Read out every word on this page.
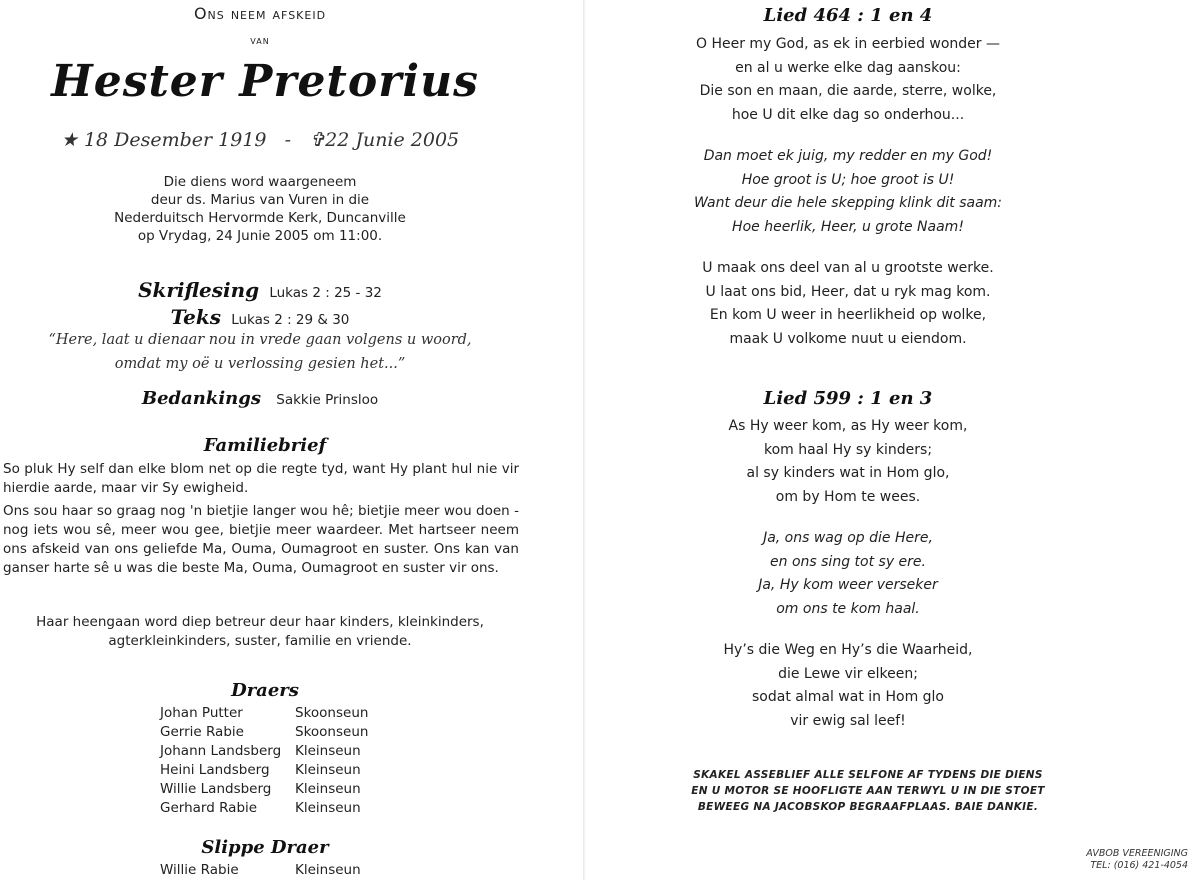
Ons neem afskeid
van
Hester Pretorius
★ 18 Desember 1919 - ✞22 Junie 2005
Die diens word waargeneem
deur ds. Marius van Vuren in die
Nederduitsch Hervormde Kerk, Duncanville
op Vrydag, 24 Junie 2005 om 11:00.
Skriflesing Lukas 2 : 25 - 32
Teks Lukas 2 : 29 & 30
“Here, laat u dienaar nou in vrede gaan volgens u woord,
omdat my oë u verlossing gesien het...”
Bedankings Sakkie Prinsloo
Familiebrief
So pluk Hy self dan elke blom net op die regte tyd, want Hy plant hul nie vir hierdie aarde, maar vir Sy ewigheid.
Ons sou haar so graag nog 'n bietjie langer wou hê; bietjie meer wou doen - nog iets wou sê, meer wou gee, bietjie meer waardeer. Met hartseer neem ons afskeid van ons geliefde Ma, Ouma, Oumagroot en suster. Ons kan van ganser harte sê u was die beste Ma, Ouma, Oumagroot en suster vir ons.
Haar heengaan word diep betreur deur haar kinders, kleinkinders, agterkleinkinders, suster, familie en vriende.
Draers
Johan Putter	Skoonseun
Gerrie Rabie	Skoonseun
Johann Landsberg	Kleinseun
Heini Landsberg	Kleinseun
Willie Landsberg	Kleinseun
Gerhard Rabie	Kleinseun
Slippe Draer
Willie Rabie	Kleinseun
Lied 464 : 1 en 4
O Heer my God, as ek in eerbied wonder —
en al u werke elke dag aanskou:
Die son en maan, die aarde, sterre, wolke,
hoe U dit elke dag so onderhou...
Dan moet ek juig, my redder en my God!
Hoe groot is U; hoe groot is U!
Want deur die hele skepping klink dit saam:
Hoe heerlik, Heer, u grote Naam!
U maak ons deel van al u grootste werke.
U laat ons bid, Heer, dat u ryk mag kom.
En kom U weer in heerlikheid op wolke,
maak U volkome nuut u eiendom.
Lied 599 : 1 en 3
As Hy weer kom, as Hy weer kom,
kom haal Hy sy kinders;
al sy kinders wat in Hom glo,
om by Hom te wees.
Ja, ons wag op die Here,
en ons sing tot sy ere.
Ja, Hy kom weer verseker
om ons te kom haal.
Hy’s die Weg en Hy’s die Waarheid,
die Lewe vir elkeen;
sodat almal wat in Hom glo
vir ewig sal leef!
SKAKEL ASSEBLIEF ALLE SELFONE AF TYDENS DIE DIENS
EN U MOTOR SE HOOFLIGTE AAN TERWYL U IN DIE STOET
BEWEEG NA JACOBSKOP BEGRAAFPLAAS. BAIE DANKIE.
AVBOB VEREENIGING
TEL: (016) 421-4054
